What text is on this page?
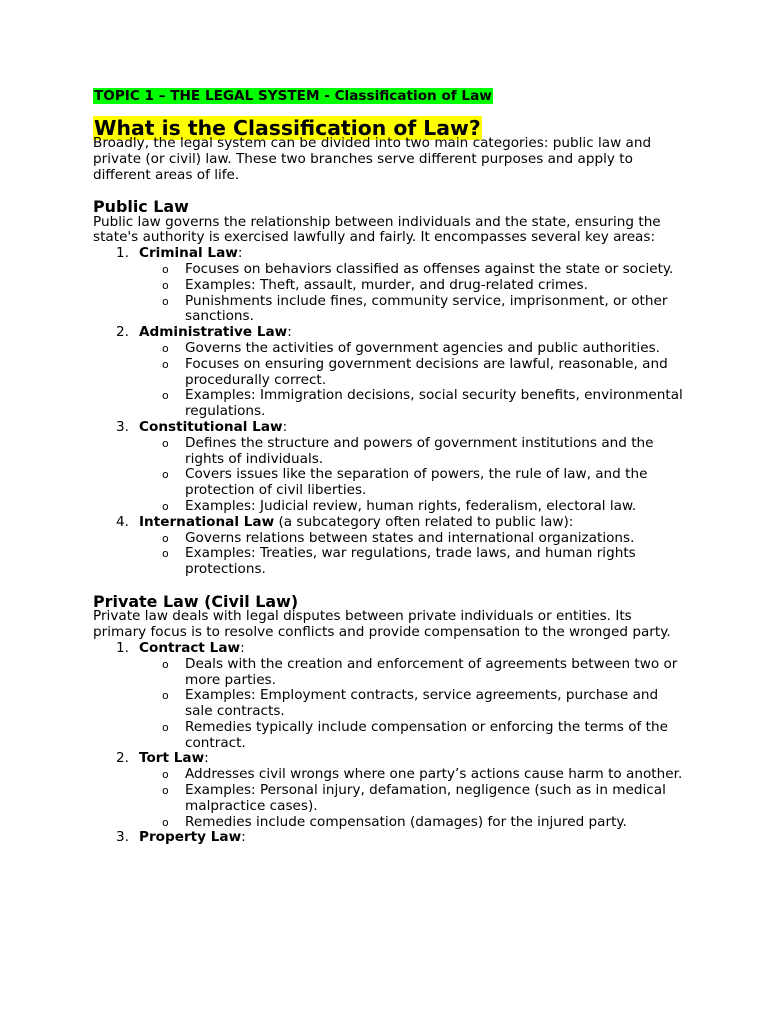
TOPIC 1 – THE LEGAL SYSTEM - Classification of Law
What is the Classification of Law?

Broadly, the legal system can be divided into two main categories: public law and private (or civil) law. These two branches serve different purposes and apply to different areas of life.

Public Law

Public law governs the relationship between individuals and the state, ensuring the state's authority is exercised lawfully and fairly. It encompasses several key areas:

1. Criminal Law:
o Focuses on behaviors classified as offenses against the state or society.
o Examples: Theft, assault, murder, and drug-related crimes.
o Punishments include fines, community service, imprisonment, or other sanctions.
2. Administrative Law:
o Governs the activities of government agencies and public authorities.
o Focuses on ensuring government decisions are lawful, reasonable, and procedurally correct.
o Examples: Immigration decisions, social security benefits, environmental regulations.
3. Constitutional Law:
o Defines the structure and powers of government institutions and the rights of individuals.
o Covers issues like the separation of powers, the rule of law, and the protection of civil liberties.
o Examples: Judicial review, human rights, federalism, electoral law.
4. International Law (a subcategory often related to public law):
o Governs relations between states and international organizations.
o Examples: Treaties, war regulations, trade laws, and human rights protections.
Private Law (Civil Law)

Private law deals with legal disputes between private individuals or entities. Its primary focus is to resolve conflicts and provide compensation to the wronged party.

1. Contract Law:
o Deals with the creation and enforcement of agreements between two or more parties.
o Examples: Employment contracts, service agreements, purchase and sale contracts.
o Remedies typically include compensation or enforcing the terms of the contract.
2. Tort Law:
o Addresses civil wrongs where one party’s actions cause harm to another.
o Examples: Personal injury, defamation, negligence (such as in medical malpractice cases).
o Remedies include compensation (damages) for the injured party.
3. Property Law:
